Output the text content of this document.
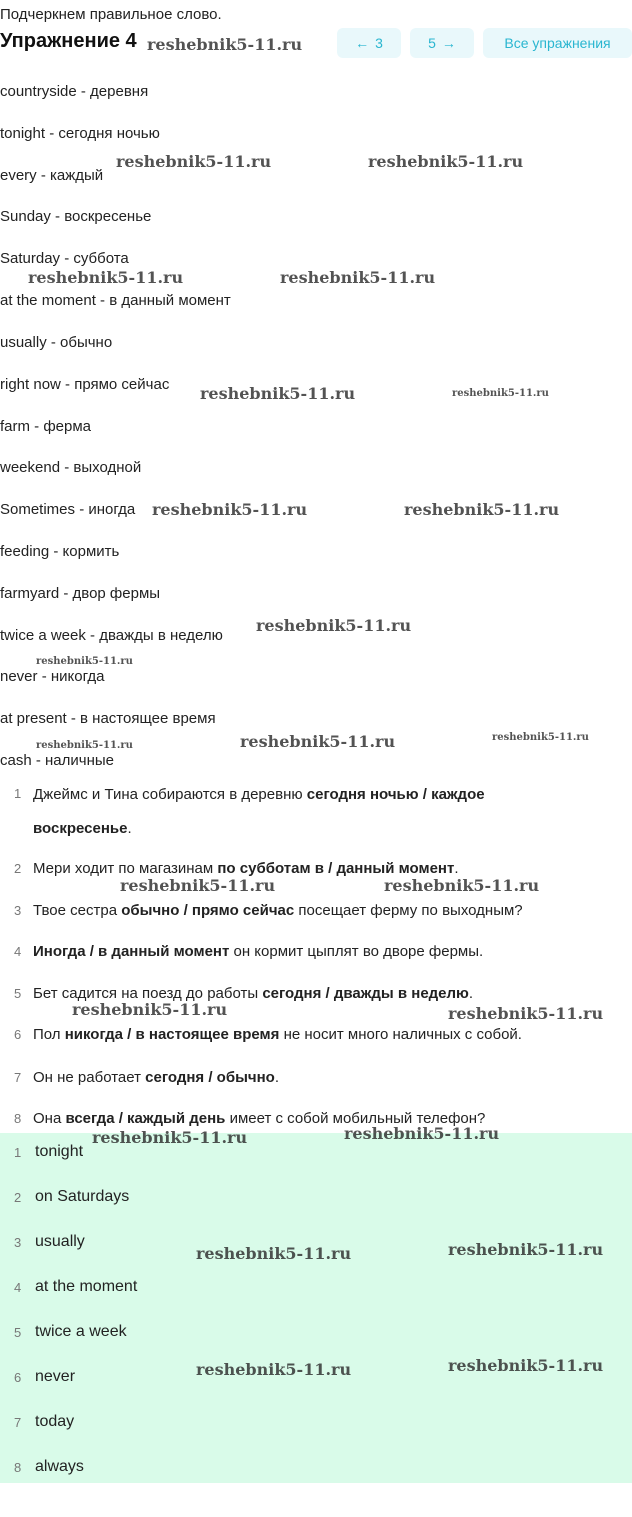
Подчеркнем правильное слово.
Упражнение 4	← 3	5 →	Все упражнения
countryside - деревня
tonight - сегодня ночью
every - каждый
Sunday - воскресенье
Saturday - суббота
at the moment - в данный момент
usually - обычно
right now - прямо сейчас
farm - ферма
weekend - выходной
Sometimes - иногда
feeding - кормить
farmyard - двор фермы
twice a week - дважды в неделю
never - никогда
at present - в настоящее время
cash - наличные
1 Джеймс и Тина собираются в деревню сегодня ночью / каждое воскресенье.
2 Мери ходит по магазинам по субботам в / данный момент.
3 Твое сестра обычно / прямо сейчас посещает ферму по выходным?
4 Иногда / в данный момент он кормит цыплят во дворе фермы.
5 Бет садится на поезд до работы сегодня / дважды в неделю.
6 Пол никогда / в настоящее время не носит много наличных с собой.
7 Он не работает сегодня / обычно.
8 Она всегда / каждый день имеет с собой мобильный телефон?
1 tonight
2 on Saturdays
3 usually
4 at the moment
5 twice a week
6 never
7 today
8 always
reshebnik5-11.ru
reshebnik5-11.ru	reshebnik5-11.ru
reshebnik5-11.ru	reshebnik5-11.ru
reshebnik5-11.ru	reshebnik5-11.ru
reshebnik5-11.ru	reshebnik5-11.ru
reshebnik5-11.ru
reshebnik5-11.ru
reshebnik5-11.ru	reshebnik5-11.ru	reshebnik5-11.ru
reshebnik5-11.ru	reshebnik5-11.ru
reshebnik5-11.ru	reshebnik5-11.ru
reshebnik5-11.ru	reshebnik5-11.ru
reshebnik5-11.ru	reshebnik5-11.ru
reshebnik5-11.ru	reshebnik5-11.ru
